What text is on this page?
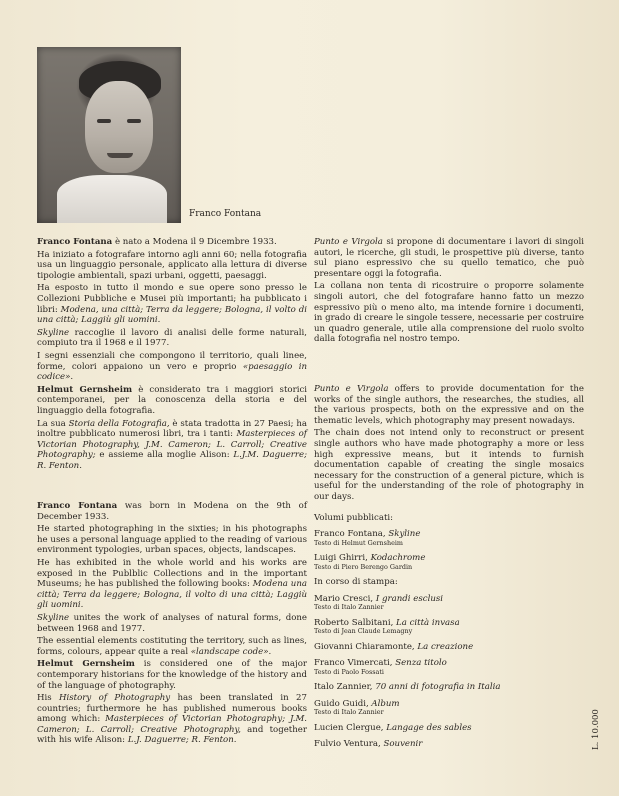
Franco Fontana

Franco Fontana è nato a Modena il 9 Dicembre 1933.

Ha iniziato a fotografare intorno agli anni 60; nella fotografia usa un linguaggio personale, applicato alla lettura di diverse tipologie ambientali, spazi urbani, oggetti, paesaggi.

Ha esposto in tutto il mondo e sue opere sono presso le Collezioni Pubbliche e Musei più importanti; ha pubblicato i libri: Modena, una città; Terra da leggere; Bologna, il volto di una città; Laggiù gli uomini.

Skyline raccoglie il lavoro di analisi delle forme naturali, compiuto tra il 1968 e il 1977.

I segni essenziali che compongono il territorio, quali linee, forme, colori appaiono un vero e proprio «paesaggio in codice».

Helmut Gernsheim è considerato tra i maggiori storici contemporanei, per la conoscenza della storia e del linguaggio della fotografia.

La sua Storia della Fotografia, è stata tradotta in 27 Paesi; ha inoltre pubblicato numerosi libri, tra i tanti: Masterpieces of Victorian Photography, J.M. Cameron; L. Carroll; Creative Photography; e assieme alla moglie Alison: L.J.M. Daguerre; R. Fenton.

Franco Fontana was born in Modena on the 9th of December 1933.

He started photographing in the sixties; in his photographs he uses a personal language applied to the reading of various environment typologies, urban spaces, objects, landscapes.

He has exhibited in the whole world and his works are exposed in the Publblic Collections and in the important Museums; he has published the following books: Modena una città; Terra da leggere; Bologna, il volto di una città; Laggiù gli uomini.

Skyline unites the work of analyses of natural forms, done between 1968 and 1977.

The essential elements costituting the territory, such as lines, forms, colours, appear quite a real «landscape code».

Helmut Gernsheim is considered one of the major contemporary historians for the knowledge of the history and of the language of photography.

His History of Photography has been translated in 27 countries; furthermore he has published numerous books among which: Masterpieces of Victorian Photography; J.M. Cameron; L. Carroll; Creative Photography, and together with his wife Alison: L.J. Daguerre; R. Fenton.

Punto e Virgola si propone di documentare i lavori di singoli autori, le ricerche, gli studi, le prospettive più diverse, tanto sul piano espressivo che su quello tematico, che può presentare oggi la fotografia.

La collana non tenta di ricostruire o proporre solamente singoli autori, che del fotografare hanno fatto un mezzo espressivo più o meno alto, ma intende fornire i documenti, in grado di creare le singole tessere, necessarie per costruire un quadro generale, utile alla comprensione del ruolo svolto dalla fotografia nel nostro tempo.

Punto e Virgola offers to provide documentation for the works of the single authors, the researches, the studies, all the various prospects, both on the expressive and on the thematic levels, which photography may present nowadays.

The chain does not intend only to reconstruct or present single authors who have made photography a more or less high expressive means, but it intends to furnish documentation capable of creating the single mosaics necessary for the construction of a general picture, which is useful for the understanding of the role of photography in our days.

Volumi pubblicati:
Franco Fontana, Skyline
Testo di Helmut Gernsheim
Luigi Ghirri, Kodachrome
Testo di Piero Berengo Gardin
In corso di stampa:
Mario Cresci, I grandi esclusi
Testo di Italo Zannier
Roberto Salbitani, La città invasa
Testo di Jean Claude Lemagny
Giovanni Chiaramonte, La creazione
Franco Vimercati, Senza titolo
Testo di Paolo Fossati
Italo Zannier, 70 anni di fotografia in Italia
Guido Guidi, Album
Testo di Italo Zannier
Lucien Clergue, Langage des sables
Fulvio Ventura, Souvenir	L. 10.000
